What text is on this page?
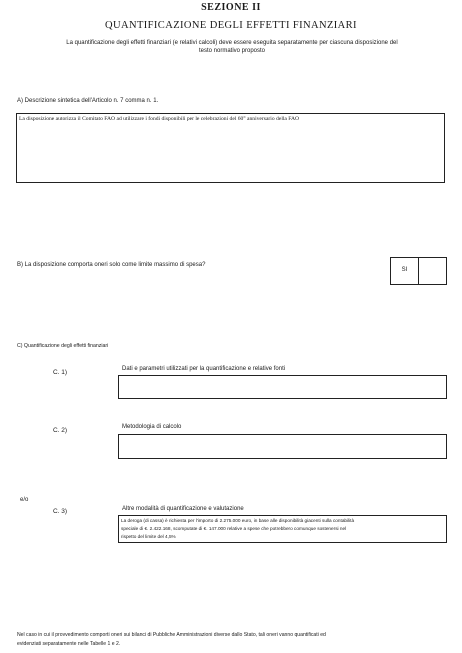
SEZIONE II
QUANTIFICAZIONE DEGLI EFFETTI FINANZIARI
La quantificazione degli effetti finanziari (e relativi calcoli) deve essere eseguita separatamente per ciascuna disposizione del
testo normativo proposto
A) Descrizione sintetica dell'Articolo n. 7 comma n. 1.
La disposizione autorizza il Comitato FAO ad utilizzare i fondi disponibili per le celebrazioni del 60° anniversario della FAO
B) La disposizione comporta oneri solo come limite massimo di spesa?
SI
C) Quantificazione degli effetti finanziari
C. 1)	Dati e parametri utilizzati per la quantificazione e relative fonti
C. 2)	Metodologia di calcolo
e/o
C. 3)	Altre modalità di quantificazione e valutazione
La deroga (di cassa) è richiesta per l'importo di 2.275.000 euro, in base alle disponibilità giacenti sulla contabilità
speciale di €. 2.422.168, scomputate di €. 147.000 relative a spese che potrebbero comunque sostenersi nel
rispetto del limite del 4,5%
Nel caso in cui il provvedimento comporti oneri sui bilanci di Pubbliche Amministrazioni diverse dallo Stato, tali oneri vanno quantificati ed
evidenziati separatamente nelle Tabelle 1 e 2.
